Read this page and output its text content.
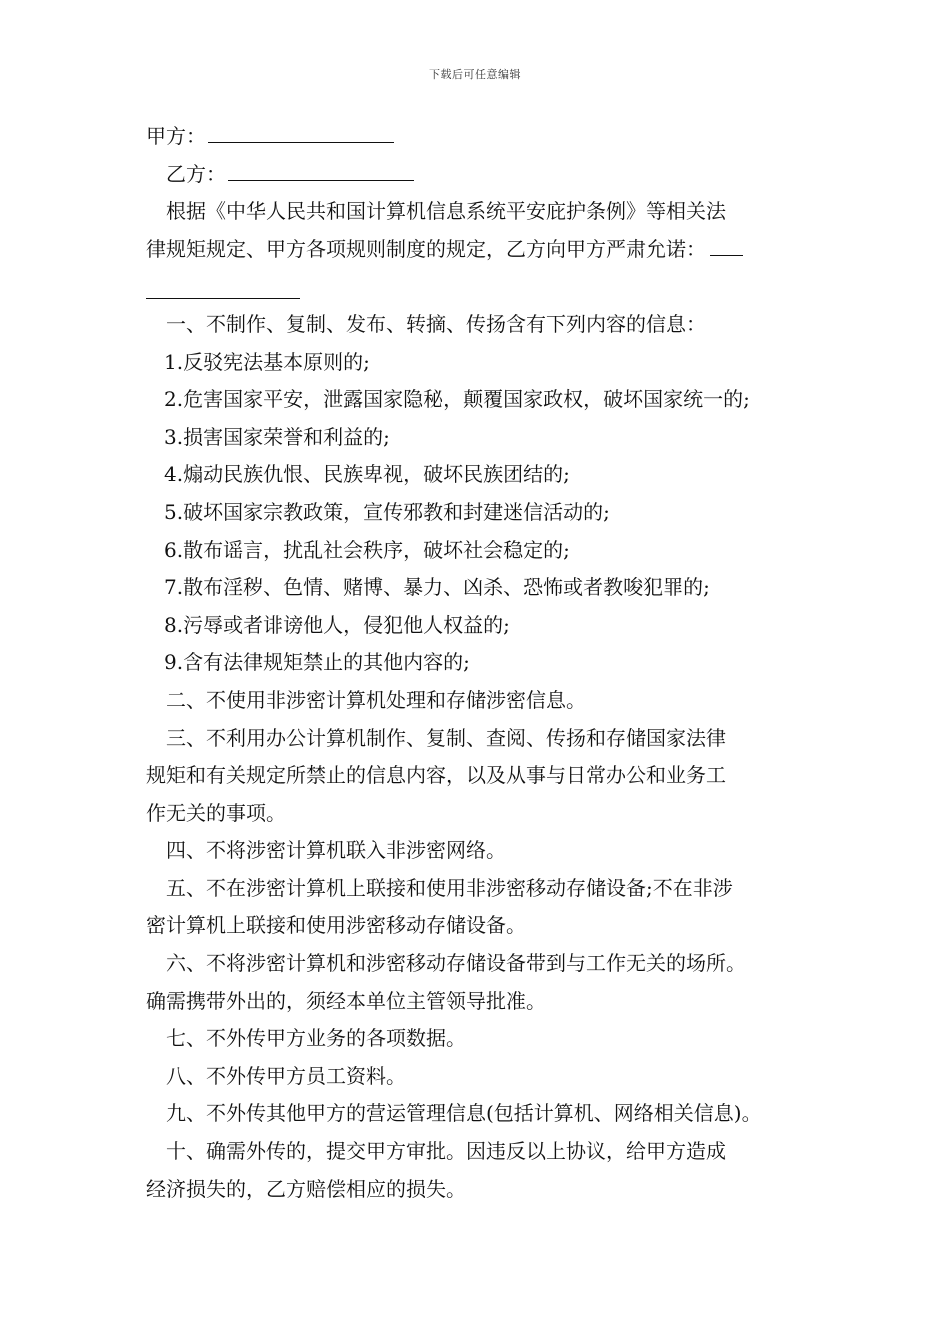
下载后可任意编辑

甲方：

乙方：

根据《中华人民共和国计算机信息系统平安庇护条例》等相关法

律规矩规定、甲方各项规则制度的规定，乙方向甲方严肃允诺：

一、不制作、复制、发布、转摘、传扬含有下列内容的信息：

1.反驳宪法基本原则的;

2.危害国家平安，泄露国家隐秘，颠覆国家政权，破坏国家统一的;

3.损害国家荣誉和利益的;

4.煽动民族仇恨、民族卑视，破坏民族团结的;

5.破坏国家宗教政策，宣传邪教和封建迷信活动的;

6.散布谣言，扰乱社会秩序，破坏社会稳定的;

7.散布淫秽、色情、赌博、暴力、凶杀、恐怖或者教唆犯罪的;

8.污辱或者诽谤他人，侵犯他人权益的;

9.含有法律规矩禁止的其他内容的;

二、不使用非涉密计算机处理和存储涉密信息。

三、不利用办公计算机制作、复制、查阅、传扬和存储国家法律

规矩和有关规定所禁止的信息内容，以及从事与日常办公和业务工

作无关的事项。

四、不将涉密计算机联入非涉密网络。

五、不在涉密计算机上联接和使用非涉密移动存储设备;不在非涉

密计算机上联接和使用涉密移动存储设备。

六、不将涉密计算机和涉密移动存储设备带到与工作无关的场所。

确需携带外出的，须经本单位主管领导批准。

七、不外传甲方业务的各项数据。

八、不外传甲方员工资料。

九、不外传其他甲方的营运管理信息(包括计算机、网络相关信息)。

十、确需外传的，提交甲方审批。因违反以上协议，给甲方造成

经济损失的，乙方赔偿相应的损失。
